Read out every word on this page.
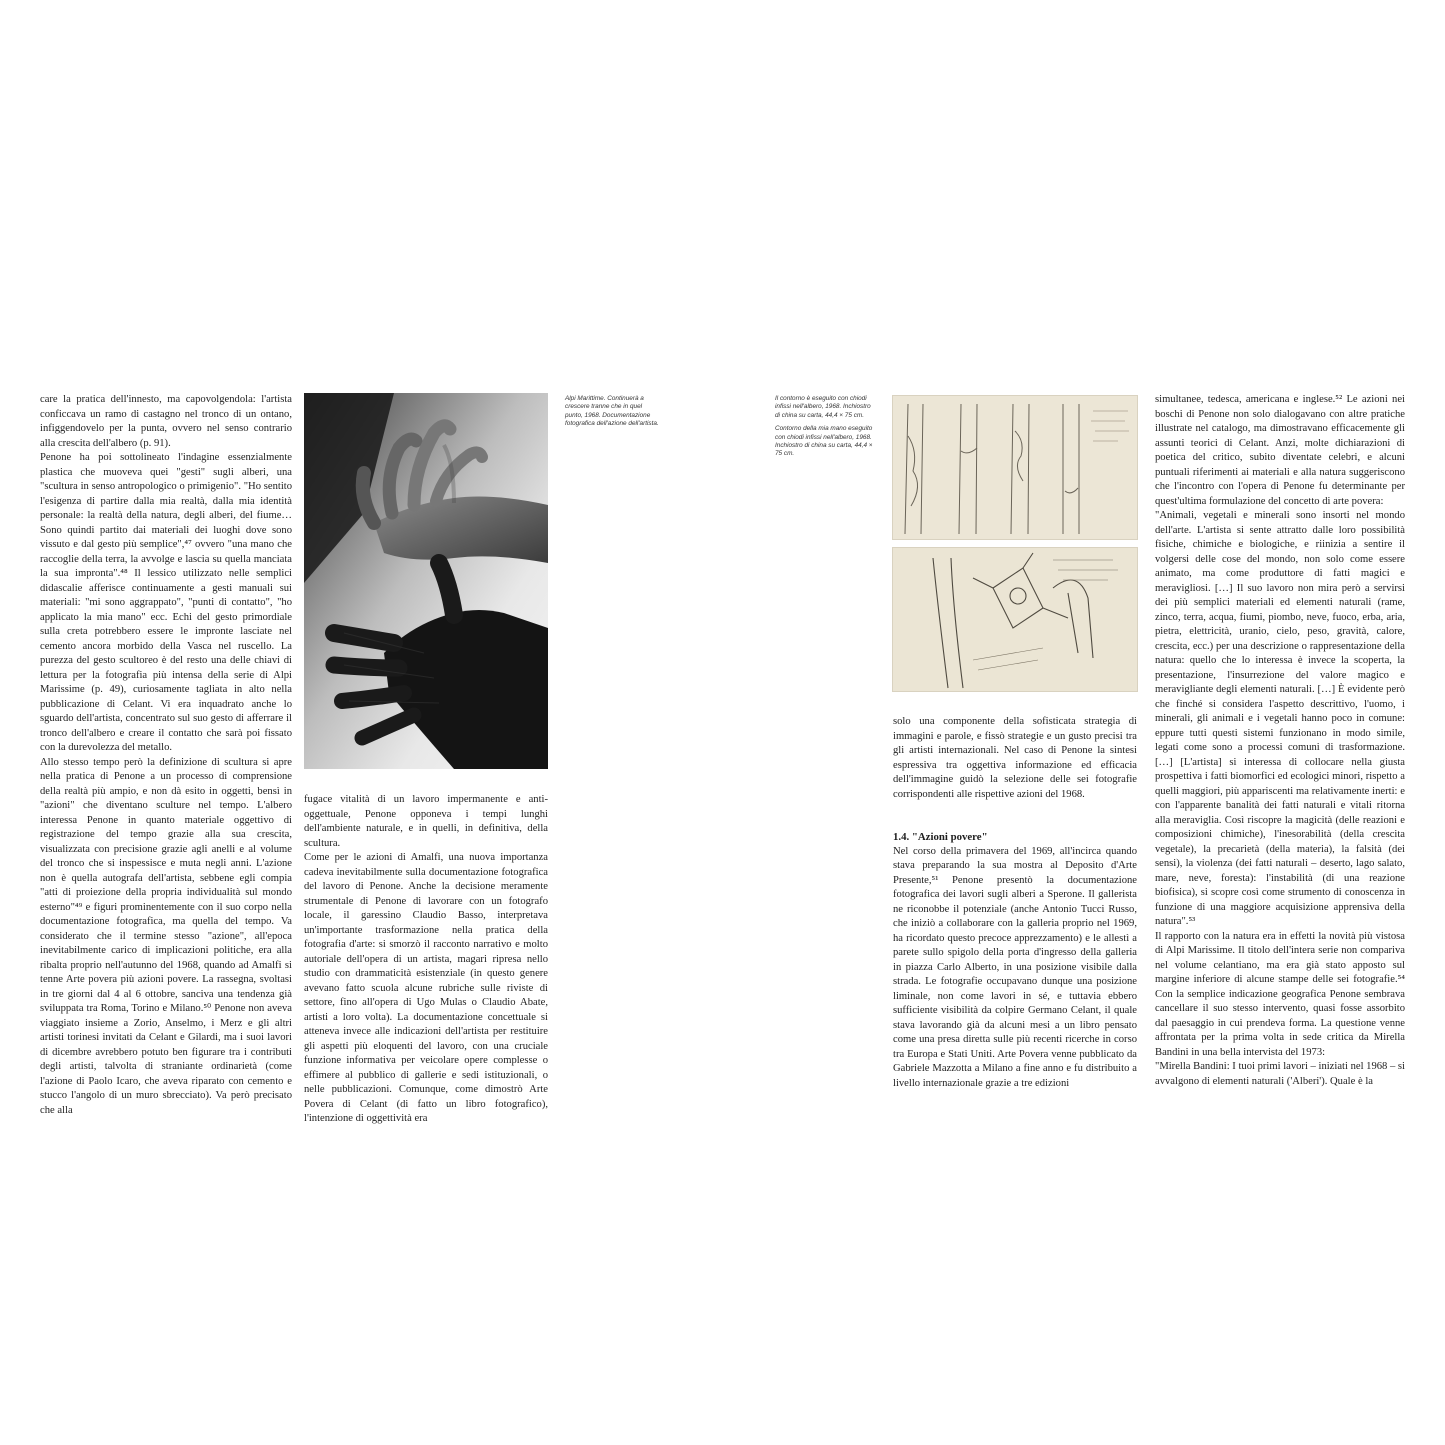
care la pratica dell'innesto, ma capovolgendola: l'artista conficcava un ramo di castagno nel tronco di un ontano, infiggendovelo per la punta, ovvero nel senso contrario alla crescita dell'albero (p. 91).

Penone ha poi sottolineato l'indagine essenzialmente plastica che muoveva quei "gesti" sugli alberi, una "scultura in senso antropologico o primigenio". "Ho sentito l'esigenza di partire dalla mia realtà, dalla mia identità personale: la realtà della natura, degli alberi, del fiume… Sono quindi partito dai materiali dei luoghi dove sono vissuto e dal gesto più semplice",⁴⁷ ovvero "una mano che raccoglie della terra, la avvolge e lascia su quella manciata la sua impronta".⁴⁸ Il lessico utilizzato nelle semplici didascalie afferisce continuamente a gesti manuali sui materiali: "mi sono aggrappato", "punti di contatto", "ho applicato la mia mano" ecc. Echi del gesto primordiale sulla creta potrebbero essere le impronte lasciate nel cemento ancora morbido della Vasca nel ruscello. La purezza del gesto scultoreo è del resto una delle chiavi di lettura per la fotografia più intensa della serie di Alpi Marissime (p. 49), curiosamente tagliata in alto nella pubblicazione di Celant. Vi era inquadrato anche lo sguardo dell'artista, concentrato sul suo gesto di afferrare il tronco dell'albero e creare il contatto che sarà poi fissato con la durevolezza del metallo.

Allo stesso tempo però la definizione di scultura si apre nella pratica di Penone a un processo di comprensione della realtà più ampio, e non dà esito in oggetti, bensì in "azioni" che diventano sculture nel tempo. L'albero interessa Penone in quanto materiale oggettivo di registrazione del tempo grazie alla sua crescita, visualizzata con precisione grazie agli anelli e al volume del tronco che si inspessisce e muta negli anni. L'azione non è quella autografa dell'artista, sebbene egli compia "atti di proiezione della propria individualità sul mondo esterno"⁴⁹ e figuri prominentemente con il suo corpo nella documentazione fotografica, ma quella del tempo. Va considerato che il termine stesso "azione", all'epoca inevitabilmente carico di implicazioni politiche, era alla ribalta proprio nell'autunno del 1968, quando ad Amalfi si tenne Arte povera più azioni povere. La rassegna, svoltasi in tre giorni dal 4 al 6 ottobre, sanciva una tendenza già sviluppata tra Roma, Torino e Milano.⁵⁰ Penone non aveva viaggiato insieme a Zorio, Anselmo, i Merz e gli altri artisti torinesi invitati da Celant e Gilardi, ma i suoi lavori di dicembre avrebbero potuto ben figurare tra i contributi degli artisti, talvolta di straniante ordinarietà (come l'azione di Paolo Icaro, che aveva riparato con cemento e stucco l'angolo di un muro sbrecciato). Va però precisato che alla

Alpi Marittime. Continuerà a crescere tranne che in quel punto, 1968. Documentazione fotografica dell'azione dell'artista.

fugace vitalità di un lavoro impermanente e anti-oggettuale, Penone opponeva i tempi lunghi dell'ambiente naturale, e in quelli, in definitiva, della scultura.

Come per le azioni di Amalfi, una nuova importanza cadeva inevitabilmente sulla documentazione fotografica del lavoro di Penone. Anche la decisione meramente strumentale di Penone di lavorare con un fotografo locale, il garessino Claudio Basso, interpretava un'importante trasformazione nella pratica della fotografia d'arte: si smorzò il racconto narrativo e molto autoriale dell'opera di un artista, magari ripresa nello studio con drammaticità esistenziale (in questo genere avevano fatto scuola alcune rubriche sulle riviste di settore, fino all'opera di Ugo Mulas o Claudio Abate, artisti a loro volta). La documentazione concettuale si atteneva invece alle indicazioni dell'artista per restituire gli aspetti più eloquenti del lavoro, con una cruciale funzione informativa per veicolare opere complesse o effimere al pubblico di gallerie e sedi istituzionali, o nelle pubblicazioni. Comunque, come dimostrò Arte Povera di Celant (di fatto un libro fotografico), l'intenzione di oggettività era

Il contorno è eseguito con chiodi infissi nell'albero, 1968. Inchiostro di china su carta, 44,4 × 75 cm.

Contorno della mia mano eseguito con chiodi infissi nell'albero, 1968. Inchiostro di china su carta, 44,4 × 75 cm.

solo una componente della sofisticata strategia di immagini e parole, e fissò strategie e un gusto precisi tra gli artisti internazionali. Nel caso di Penone la sintesi espressiva tra oggettiva informazione ed efficacia dell'immagine guidò la selezione delle sei fotografie corrispondenti alle rispettive azioni del 1968.

1.4. "Azioni povere"

Nel corso della primavera del 1969, all'incirca quando stava preparando la sua mostra al Deposito d'Arte Presente,⁵¹ Penone presentò la documentazione fotografica dei lavori sugli alberi a Sperone. Il gallerista ne riconobbe il potenziale (anche Antonio Tucci Russo, che iniziò a collaborare con la galleria proprio nel 1969, ha ricordato questo precoce apprezzamento) e le allestì a parete sullo spigolo della porta d'ingresso della galleria in piazza Carlo Alberto, in una posizione visibile dalla strada. Le fotografie occupavano dunque una posizione liminale, non come lavori in sé, e tuttavia ebbero sufficiente visibilità da colpire Germano Celant, il quale stava lavorando già da alcuni mesi a un libro pensato come una presa diretta sulle più recenti ricerche in corso tra Europa e Stati Uniti. Arte Povera venne pubblicato da Gabriele Mazzotta a Milano a fine anno e fu distribuito a livello internazionale grazie a tre edizioni

simultanee, tedesca, americana e inglese.⁵² Le azioni nei boschi di Penone non solo dialogavano con altre pratiche illustrate nel catalogo, ma dimostravano efficacemente gli assunti teorici di Celant. Anzi, molte dichiarazioni di poetica del critico, subito diventate celebri, e alcuni puntuali riferimenti ai materiali e alla natura suggeriscono che l'incontro con l'opera di Penone fu determinante per quest'ultima formulazione del concetto di arte povera:

"Animali, vegetali e minerali sono insorti nel mondo dell'arte. L'artista si sente attratto dalle loro possibilità fisiche, chimiche e biologiche, e riinizia a sentire il volgersi delle cose del mondo, non solo come essere animato, ma come produttore di fatti magici e meravigliosi. […] Il suo lavoro non mira però a servirsi dei più semplici materiali ed elementi naturali (rame, zinco, terra, acqua, fiumi, piombo, neve, fuoco, erba, aria, pietra, elettricità, uranio, cielo, peso, gravità, calore, crescita, ecc.) per una descrizione o rappresentazione della natura: quello che lo interessa è invece la scoperta, la presentazione, l'insurrezione del valore magico e meravigliante degli elementi naturali. […] È evidente però che finché si considera l'aspetto descrittivo, l'uomo, i minerali, gli animali e i vegetali hanno poco in comune: eppure tutti questi sistemi funzionano in modo simile, legati come sono a processi comuni di trasformazione. […] [L'artista] si interessa di collocare nella giusta prospettiva i fatti biomorfici ed ecologici minori, rispetto a quelli maggiori, più appariscenti ma relativamente inerti: e con l'apparente banalità dei fatti naturali e vitali ritorna alla meraviglia. Così riscopre la magicità (delle reazioni e composizioni chimiche), l'inesorabilità (della crescita vegetale), la precarietà (della materia), la falsità (dei sensi), la violenza (dei fatti naturali – deserto, lago salato, mare, neve, foresta): l'instabilità (di una reazione biofisica), si scopre così come strumento di conoscenza in funzione di una maggiore acquisizione apprensiva della natura".⁵³

Il rapporto con la natura era in effetti la novità più vistosa di Alpi Marissime. Il titolo dell'intera serie non compariva nel volume celantiano, ma era già stato apposto sul margine inferiore di alcune stampe delle sei fotografie.⁵⁴ Con la semplice indicazione geografica Penone sembrava cancellare il suo stesso intervento, quasi fosse assorbito dal paesaggio in cui prendeva forma. La questione venne affrontata per la prima volta in sede critica da Mirella Bandini in una bella intervista del 1973:

"Mirella Bandini: I tuoi primi lavori – iniziati nel 1968 – si avvalgono di elementi naturali ('Alberi'). Quale è la
